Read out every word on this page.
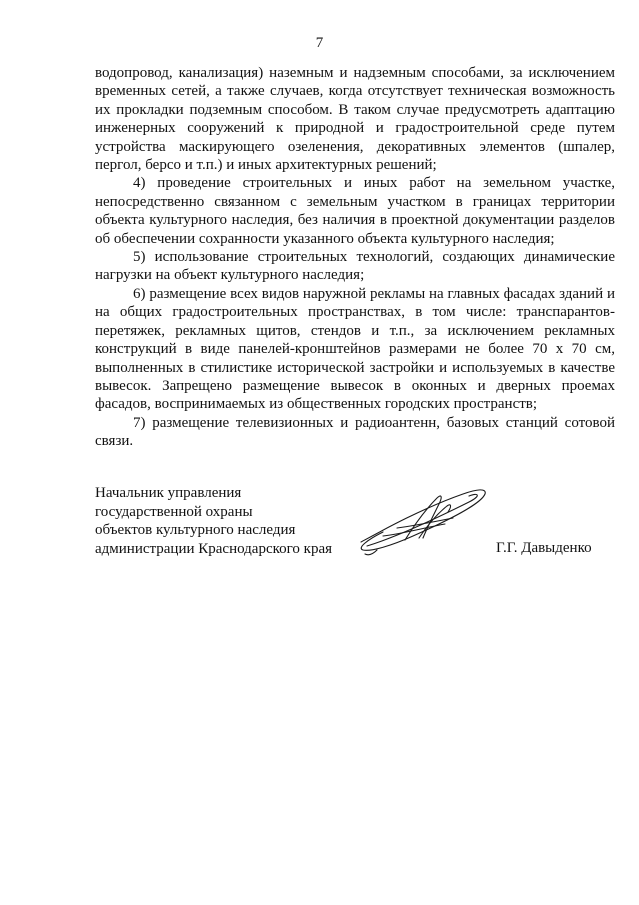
7

водопровод, канализация) наземным и надземным способами, за исключением временных сетей, а также случаев, когда отсутствует техническая возможность их прокладки подземным способом. В таком случае предусмотреть адаптацию инженерных сооружений к природной и градостроительной среде путем устройства маскирующего озеленения, декоративных элементов (шпалер, пергол, берсо и т.п.) и иных архитектурных решений;

4) проведение строительных и иных работ на земельном участке, непосредственно связанном с земельным участком в границах территории объекта культурного наследия, без наличия в проектной документации разделов об обеспечении сохранности указанного объекта культурного наследия;

5) использование строительных технологий, создающих динамические нагрузки на объект культурного наследия;

6) размещение всех видов наружной рекламы на главных фасадах зданий и на общих градостроительных пространствах, в том числе: транспарантов-перетяжек, рекламных щитов, стендов и т.п., за исключением рекламных конструкций в виде панелей-кронштейнов размерами не более 70 х 70 см, выполненных в стилистике исторической застройки и используемых в качестве вывесок. Запрещено размещение вывесок в оконных и дверных проемах фасадов, воспринимаемых из общественных городских пространств;

7) размещение телевизионных и радиоантенн, базовых станций сотовой связи.

Начальник управления
государственной охраны
объектов культурного наследия
администрации Краснодарского края	Г.Г. Давыденко
